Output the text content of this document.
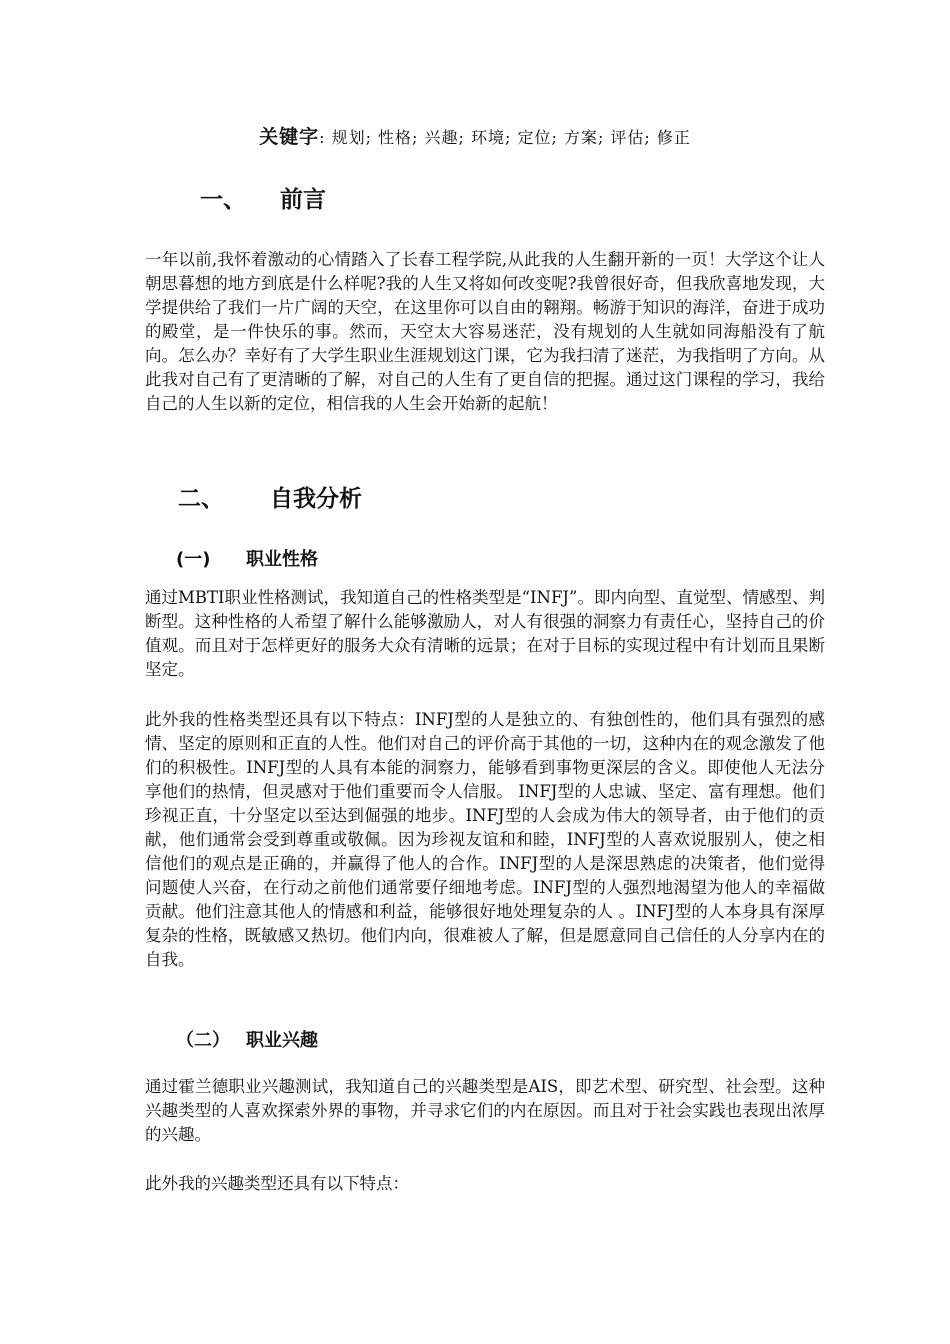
关键字: 规划; 性格; 兴趣; 环境; 定位; 方案; 评估; 修正
一、 前言
一年以前,我怀着激动的心情踏入了长春工程学院,从此我的人生翻开新的一页！大学这个让人朝思暮想的地方到底是什么样呢?我的人生又将如何改变呢?我曾很好奇，但我欣喜地发现，大学提供给了我们一片广阔的天空，在这里你可以自由的翱翔。畅游于知识的海洋，奋进于成功的殿堂，是一件快乐的事。然而，天空太大容易迷茫，没有规划的人生就如同海船没有了航向。怎么办？幸好有了大学生职业生涯规划这门课，它为我扫清了迷茫，为我指明了方向。从此我对自己有了更清晰的了解，对自己的人生有了更自信的把握。通过这门课程的学习，我给自己的人生以新的定位，相信我的人生会开始新的起航！
二、 自我分析
(一) 职业性格
通过MBTI职业性格测试，我知道自己的性格类型是“INFJ”。即内向型、直觉型、情感型、判断型。这种性格的人希望了解什么能够激励人，对人有很强的洞察力有责任心，坚持自己的价值观。而且对于怎样更好的服务大众有清晰的远景；在对于目标的实现过程中有计划而且果断坚定。
此外我的性格类型还具有以下特点：INFJ型的人是独立的、有独创性的，他们具有强烈的感情、坚定的原则和正直的人性。他们对自己的评价高于其他的一切，这种内在的观念激发了他们的积极性。INFJ型的人具有本能的洞察力，能够看到事物更深层的含义。即使他人无法分享他们的热情，但灵感对于他们重要而令人信服。 INFJ型的人忠诚、坚定、富有理想。他们珍视正直，十分坚定以至达到倔强的地步。INFJ型的人会成为伟大的领导者，由于他们的贡献，他们通常会受到尊重或敬佩。因为珍视友谊和和睦，INFJ型的人喜欢说服别人，使之相信他们的观点是正确的，并赢得了他人的合作。INFJ型的人是深思熟虑的决策者，他们觉得问题使人兴奋，在行动之前他们通常要仔细地考虑。INFJ型的人强烈地渴望为他人的幸福做贡献。他们注意其他人的情感和利益，能够很好地处理复杂的人 。INFJ型的人本身具有深厚复杂的性格，既敏感又热切。他们内向，很难被人了解，但是愿意同自己信任的人分享内在的自我。
（二） 职业兴趣
通过霍兰德职业兴趣测试，我知道自己的兴趣类型是AIS，即艺术型、研究型、社会型。这种兴趣类型的人喜欢探索外界的事物，并寻求它们的内在原因。而且对于社会实践也表现出浓厚的兴趣。
此外我的兴趣类型还具有以下特点：
